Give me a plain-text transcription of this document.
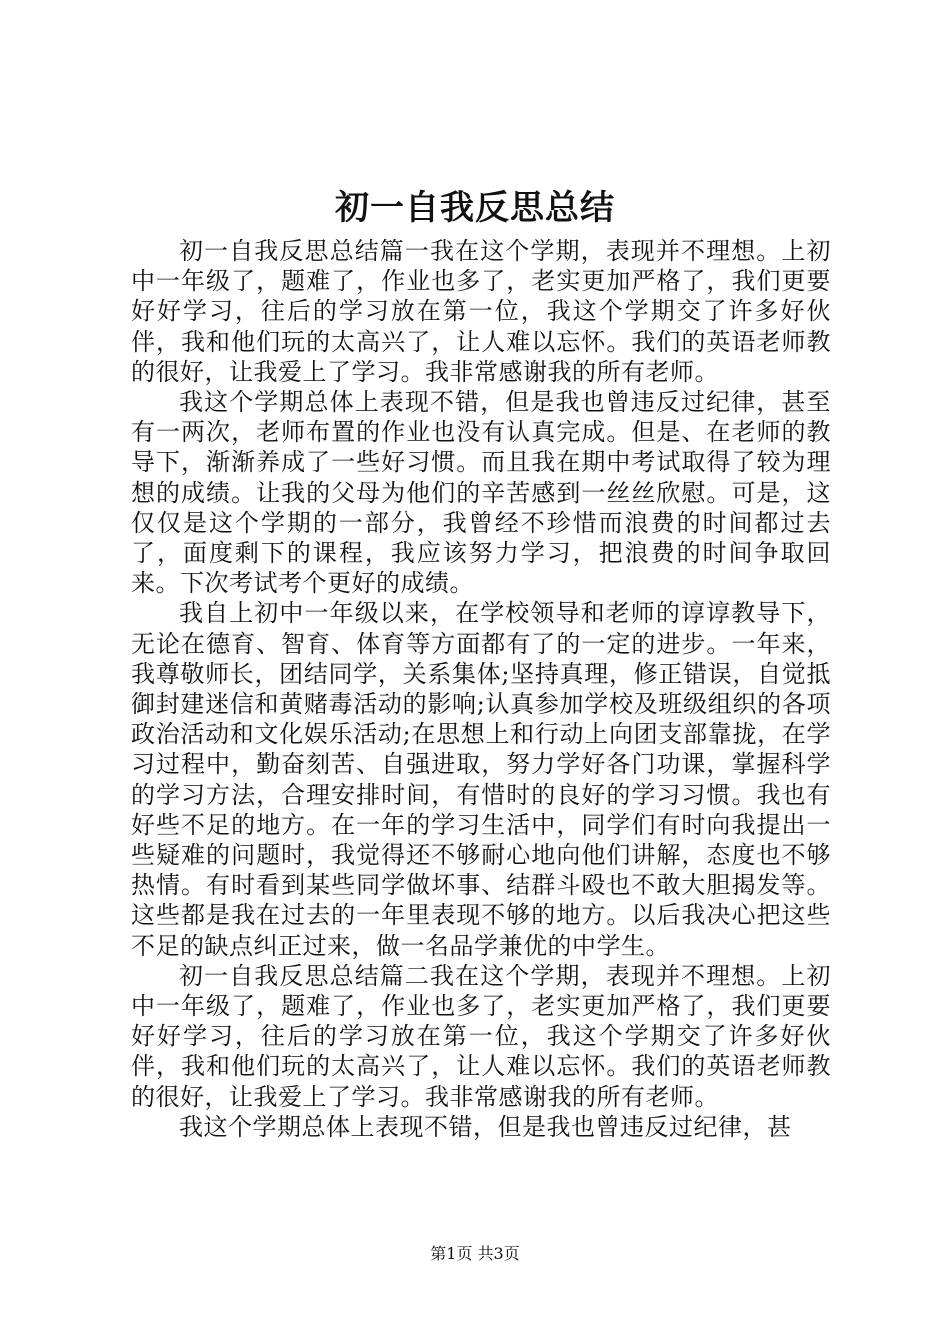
初一自我反思总结

初一自我反思总结篇一我在这个学期，表现并不理想。上初中一年级了，题难了，作业也多了，老实更加严格了，我们更要好好学习，往后的学习放在第一位，我这个学期交了许多好伙伴，我和他们玩的太高兴了，让人难以忘怀。我们的英语老师教的很好，让我爱上了学习。我非常感谢我的所有老师。

我这个学期总体上表现不错，但是我也曾违反过纪律，甚至有一两次，老师布置的作业也没有认真完成。但是、在老师的教导下，渐渐养成了一些好习惯。而且我在期中考试取得了较为理想的成绩。让我的父母为他们的辛苦感到一丝丝欣慰。可是，这仅仅是这个学期的一部分，我曾经不珍惜而浪费的时间都过去了，面度剩下的课程，我应该努力学习，把浪费的时间争取回来。下次考试考个更好的成绩。

我自上初中一年级以来，在学校领导和老师的谆谆教导下，无论在德育、智育、体育等方面都有了的一定的进步。一年来，我尊敬师长，团结同学，关系集体;坚持真理，修正错误，自觉抵御封建迷信和黄赌毒活动的影响;认真参加学校及班级组织的各项政治活动和文化娱乐活动;在思想上和行动上向团支部靠拢，在学习过程中，勤奋刻苦、自强进取，努力学好各门功课，掌握科学的学习方法，合理安排时间，有惜时的良好的学习习惯。我也有好些不足的地方。在一年的学习生活中，同学们有时向我提出一些疑难的问题时，我觉得还不够耐心地向他们讲解，态度也不够热情。有时看到某些同学做坏事、结群斗殴也不敢大胆揭发等。这些都是我在过去的一年里表现不够的地方。以后我决心把这些不足的缺点纠正过来，做一名品学兼优的中学生。

初一自我反思总结篇二我在这个学期，表现并不理想。上初中一年级了，题难了，作业也多了，老实更加严格了，我们更要好好学习，往后的学习放在第一位，我这个学期交了许多好伙伴，我和他们玩的太高兴了，让人难以忘怀。我们的英语老师教的很好，让我爱上了学习。我非常感谢我的所有老师。

我这个学期总体上表现不错，但是我也曾违反过纪律，甚

第1页 共3页
